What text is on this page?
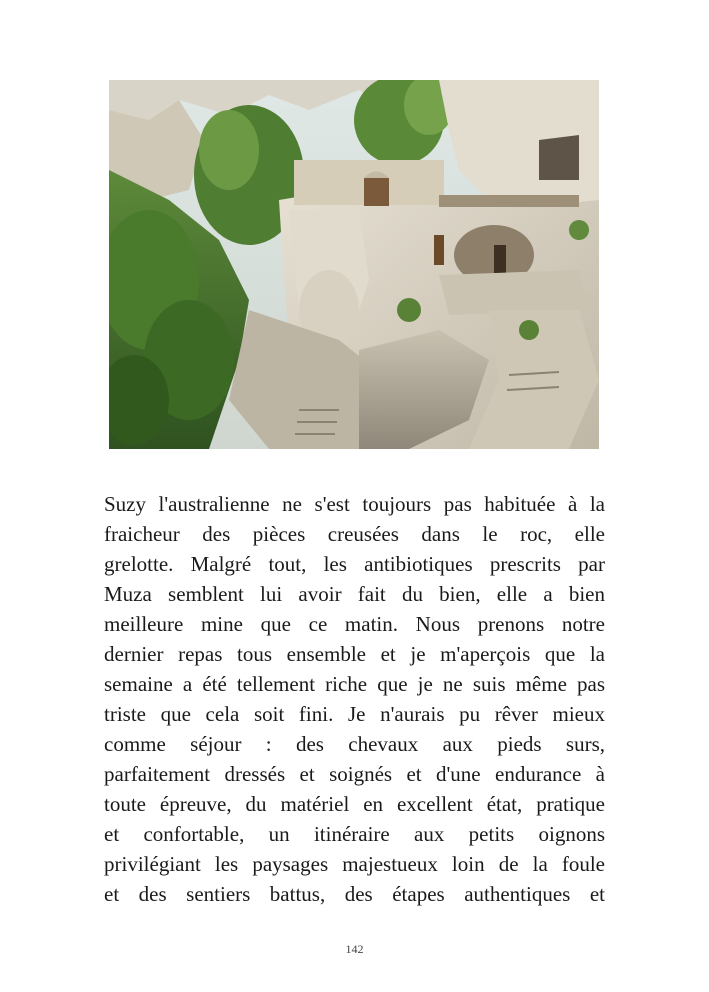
Suzy l'australienne ne s'est toujours pas habituée à la
fraicheur des pièces creusées dans le roc, elle
grelotte. Malgré tout, les antibiotiques prescrits par
Muza semblent lui avoir fait du bien, elle a bien
meilleure mine que ce matin. Nous prenons notre
dernier repas tous ensemble et je m'aperçois que la
semaine a été tellement riche que je ne suis même pas
triste que cela soit fini. Je n'aurais pu rêver mieux
comme séjour : des chevaux aux pieds surs,
parfaitement dressés et soignés et d'une endurance à
toute épreuve, du matériel en excellent état, pratique
et confortable, un itinéraire aux petits oignons
privilégiant les paysages majestueux loin de la foule
et des sentiers battus, des étapes authentiques et
142
